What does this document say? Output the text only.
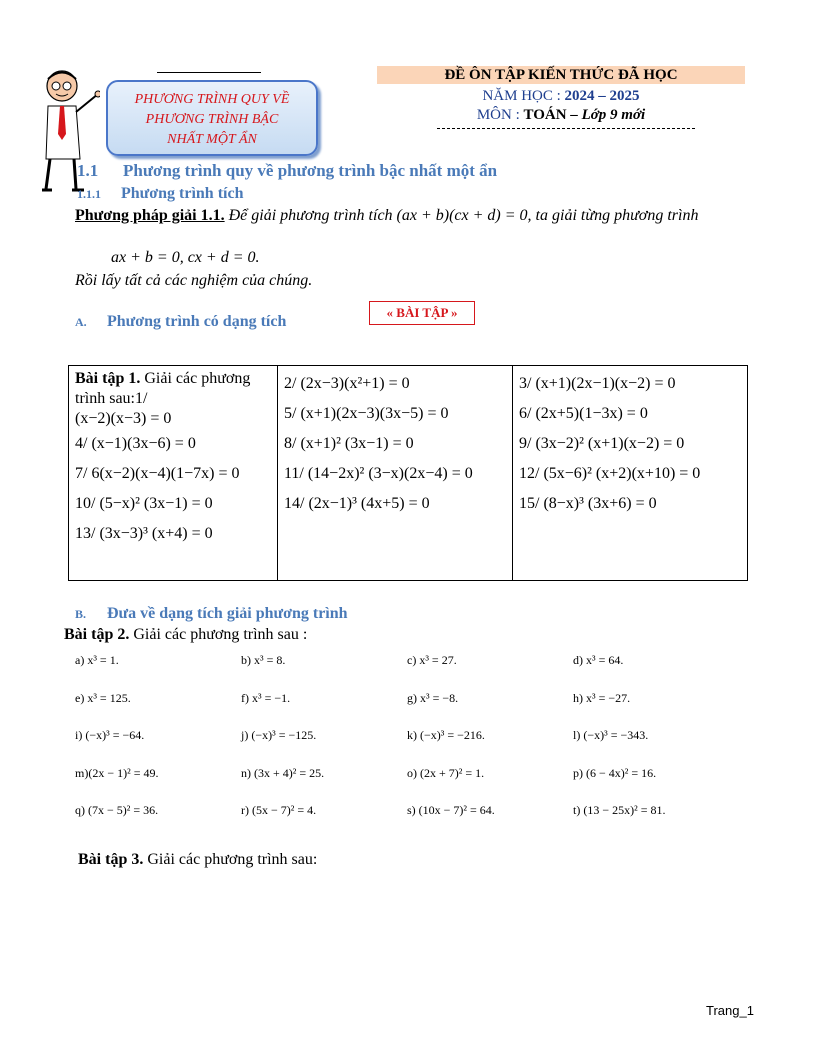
PHƯƠNG TRÌNH QUY VỀ
PHƯƠNG TRÌNH BẬC
NHẤT MỘT ẨN
ĐỀ ÔN TẬP KIẾN THỨC ĐÃ HỌC
NĂM HỌC : 2024 – 2025
MÔN : TOÁN – Lớp 9 mới
1.1 Phương trình quy về phương trình bậc nhất một ẩn
1.1.1 Phương trình tích
Phương pháp giải 1.1. Để giải phương trình tích (ax + b)(cx + d) = 0, ta giải từng phương trình
ax + b = 0, cx + d = 0.
Rồi lấy tất cả các nghiệm của chúng.
A. Phương trình có dạng tích
« BÀI TẬP »
Bài tập 1. Giải các phương trình sau:1/
(x−2)(x−3) = 0
4/ (x−1)(3x−6) = 0
7/ 6(x−2)(x−4)(1−7x) = 0
10/ (5−x)² (3x−1) = 0
13/ (3x−3)³ (x+4) = 0

2/ (2x−3)(x²+1) = 0
5/ (x+1)(2x−3)(3x−5) = 0
8/ (x+1)² (3x−1) = 0
11/ (14−2x)² (3−x)(2x−4) = 0
14/ (2x−1)³ (4x+5) = 0

3/ (x+1)(2x−1)(x−2) = 0
6/ (2x+5)(1−3x) = 0
9/ (3x−2)² (x+1)(x−2) = 0
12/ (5x−6)² (x+2)(x+10) = 0
15/ (8−x)³ (3x+6) = 0
B. Đưa về dạng tích giải phương trình
Bài tập 2. Giải các phương trình sau :
a) x³ = 1.	b) x³ = 8.	c) x³ = 27.	d) x³ = 64.
e) x³ = 125.	f) x³ = −1.	g) x³ = −8.	h) x³ = −27.
i) (−x)³ = −64.	j) (−x)³ = −125.	k) (−x)³ = −216.	l) (−x)³ = −343.
m)(2x − 1)² = 49.	n) (3x + 4)² = 25.	o) (2x + 7)² = 1.	p) (6 − 4x)² = 16.
q) (7x − 5)² = 36.	r) (5x − 7)² = 4.	s) (10x − 7)² = 64.	t) (13 − 25x)² = 81.
Bài tập 3. Giải các phương trình sau:
Trang_1
